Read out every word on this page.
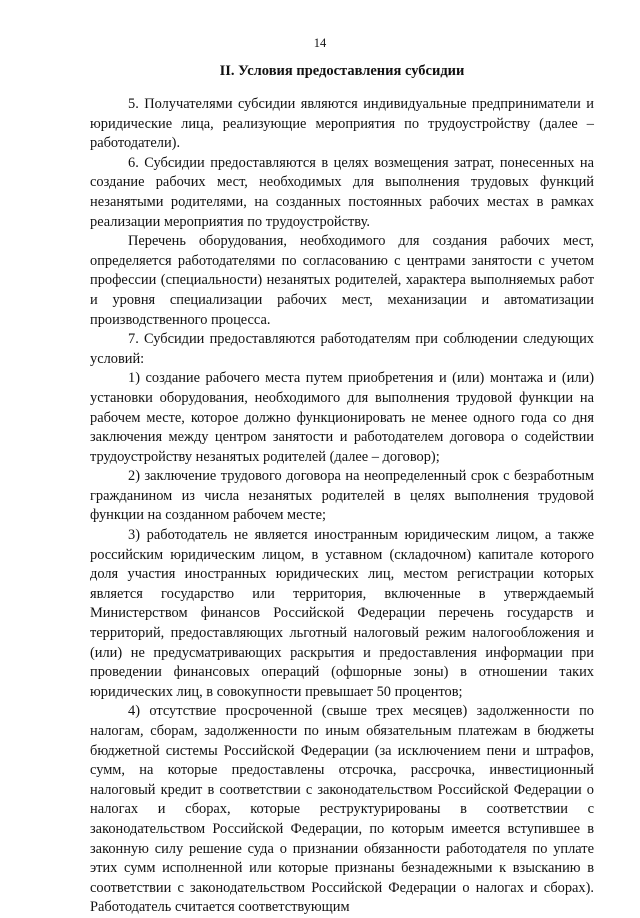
14
II. Условия предоставления субсидии

5. Получателями субсидии являются индивидуальные предприниматели и юридические лица, реализующие мероприятия по трудоустройству (далее – работодатели).

6. Субсидии предоставляются в целях возмещения затрат, понесенных на создание рабочих мест, необходимых для выполнения трудовых функций незанятыми родителями, на созданных постоянных рабочих местах в рамках реализации мероприятия по трудоустройству.

Перечень оборудования, необходимого для создания рабочих мест, определяется работодателями по согласованию с центрами занятости с учетом профессии (специальности) незанятых родителей, характера выполняемых работ и уровня специализации рабочих мест, механизации и автоматизации производственного процесса.

7. Субсидии предоставляются работодателям при соблюдении следующих условий:

1) создание рабочего места путем приобретения и (или) монтажа и (или) установки оборудования, необходимого для выполнения трудовой функции на рабочем месте, которое должно функционировать не менее одного года со дня заключения между центром занятости и работодателем договора о содействии трудоустройству незанятых родителей (далее – договор);

2) заключение трудового договора на неопределенный срок с безработным гражданином из числа незанятых родителей в целях выполнения трудовой функции на созданном рабочем месте;

3) работодатель не является иностранным юридическим лицом, а также российским юридическим лицом, в уставном (складочном) капитале которого доля участия иностранных юридических лиц, местом регистрации которых является государство или территория, включенные в утверждаемый Министерством финансов Российской Федерации перечень государств и территорий, предоставляющих льготный налоговый режим налогообложения и (или) не предусматривающих раскрытия и предоставления информации при проведении финансовых операций (офшорные зоны) в отношении таких юридических лиц, в совокупности превышает 50 процентов;

4) отсутствие просроченной (свыше трех месяцев) задолженности по налогам, сборам, задолженности по иным обязательным платежам в бюджеты бюджетной системы Российской Федерации (за исключением пени и штрафов, сумм, на которые предоставлены отсрочка, рассрочка, инвестиционный налоговый кредит в соответствии с законодательством Российской Федерации о налогах и сборах, которые реструктурированы в соответствии с законодательством Российской Федерации, по которым имеется вступившее в законную силу решение суда о признании обязанности работодателя по уплате этих сумм исполненной или которые признаны безнадежными к взысканию в соответствии с законодательством Российской Федерации о налогах и сборах). Работодатель считается соответствующим
